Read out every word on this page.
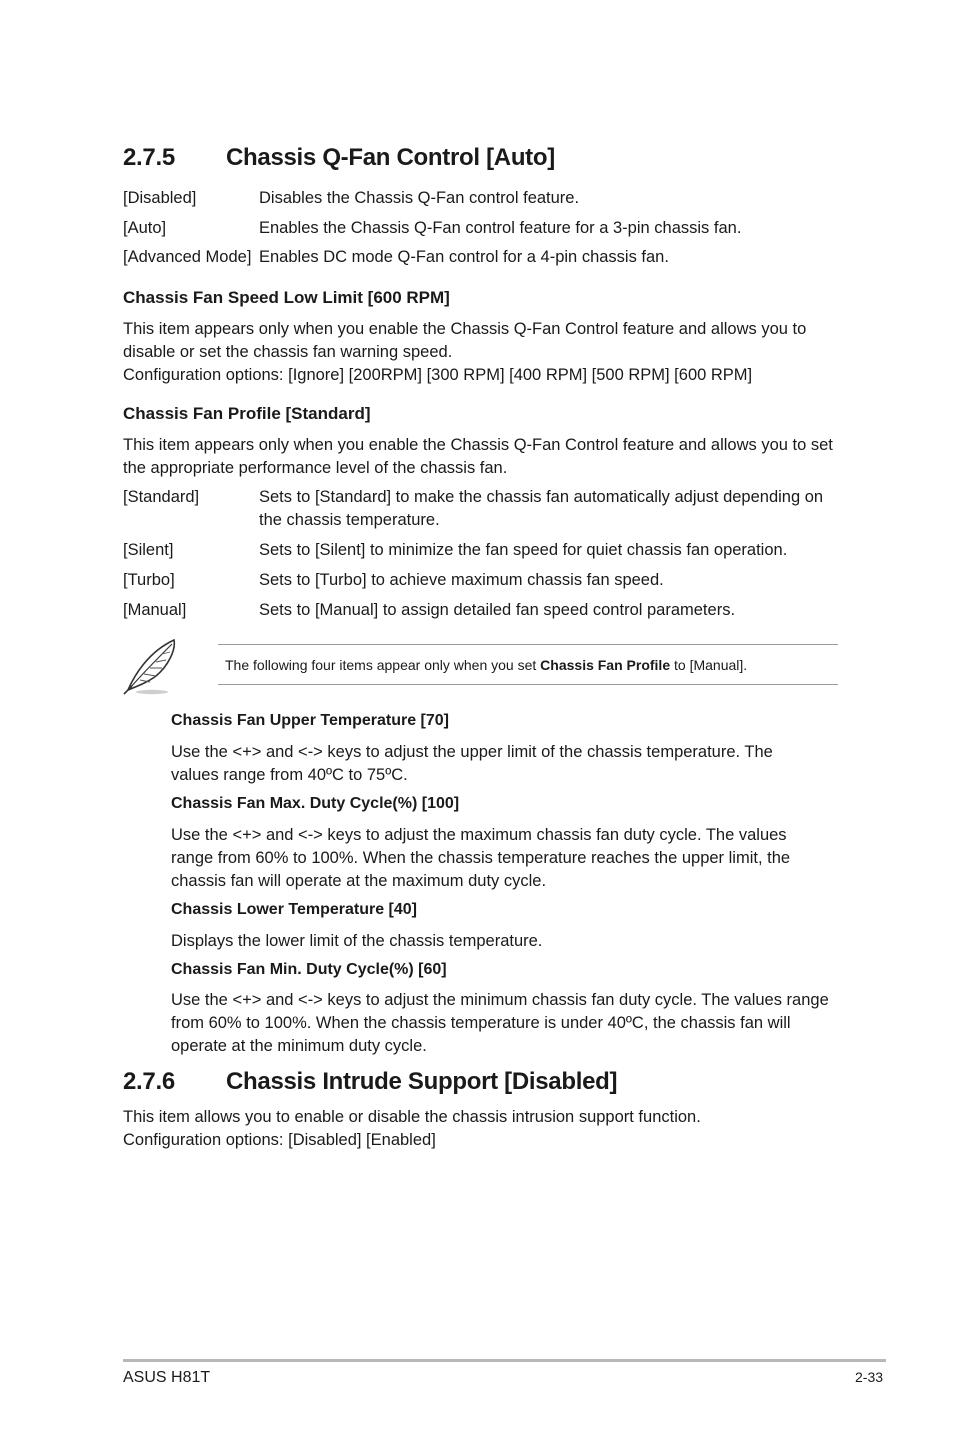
2.7.5 Chassis Q-Fan Control [Auto]
[Disabled]	Disables the Chassis Q-Fan control feature.
[Auto]	Enables the Chassis Q-Fan control feature for a 3-pin chassis fan.
[Advanced Mode] Enables DC mode Q-Fan control for a 4-pin chassis fan.
Chassis Fan Speed Low Limit [600 RPM]

This item appears only when you enable the Chassis Q-Fan Control feature and allows you to disable or set the chassis fan warning speed.
Configuration options: [Ignore] [200RPM] [300 RPM] [400 RPM] [500 RPM] [600 RPM]

Chassis Fan Profile [Standard]

This item appears only when you enable the Chassis Q-Fan Control feature and allows you to set the appropriate performance level of the chassis fan.

[Standard]	Sets to [Standard] to make the chassis fan automatically adjust depending on the chassis temperature.

[Silent]	Sets to [Silent] to minimize the fan speed for quiet chassis fan operation.
[Turbo]	Sets to [Turbo] to achieve maximum chassis fan speed.
[Manual]	Sets to [Manual] to assign detailed fan speed control parameters.
The following four items appear only when you set Chassis Fan Profile to [Manual].
Chassis Fan Upper Temperature [70]

Use the <+> and <-> keys to adjust the upper limit of the chassis temperature. The values range from 40ºC to 75ºC.

Chassis Fan Max. Duty Cycle(%) [100]

Use the <+> and <-> keys to adjust the maximum chassis fan duty cycle. The values range from 60% to 100%. When the chassis temperature reaches the upper limit, the chassis fan will operate at the maximum duty cycle.

Chassis Lower Temperature [40]

Displays the lower limit of the chassis temperature.

Chassis Fan Min. Duty Cycle(%) [60]

Use the <+> and <-> keys to adjust the minimum chassis fan duty cycle. The values range from 60% to 100%. When the chassis temperature is under 40ºC, the chassis fan will operate at the minimum duty cycle.

2.7.6 Chassis Intrude Support [Disabled]

This item allows you to enable or disable the chassis intrusion support function.
Configuration options: [Disabled] [Enabled]

ASUS H81T	2-33
